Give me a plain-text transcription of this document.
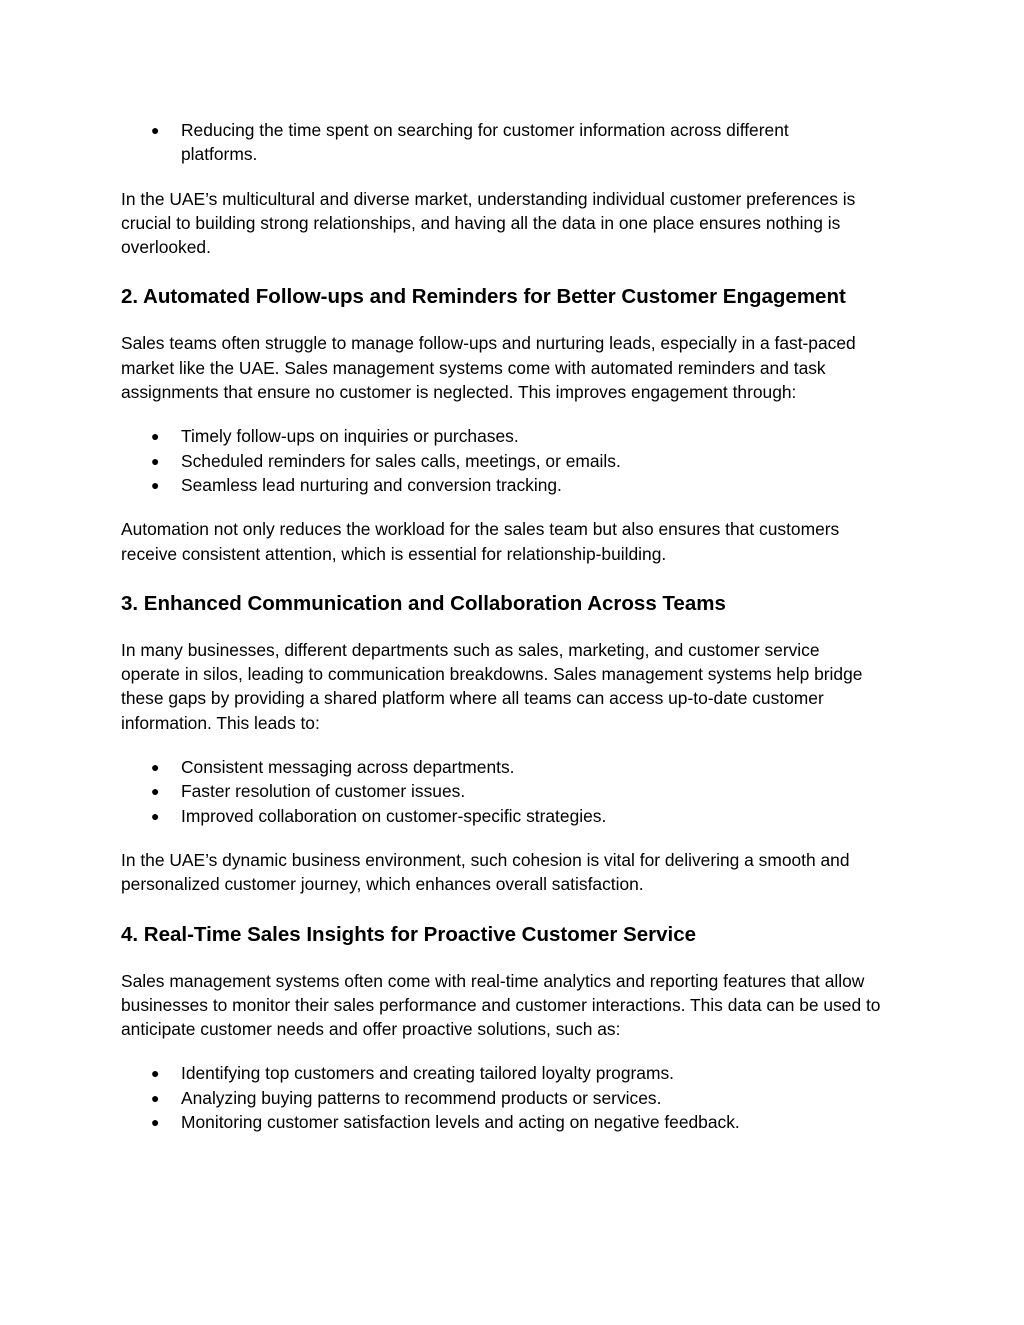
● Reducing the time spent on searching for customer information across different platforms.

In the UAE’s multicultural and diverse market, understanding individual customer preferences is crucial to building strong relationships, and having all the data in one place ensures nothing is overlooked.

2. Automated Follow-ups and Reminders for Better Customer Engagement

Sales teams often struggle to manage follow-ups and nurturing leads, especially in a fast-paced market like the UAE. Sales management systems come with automated reminders and task assignments that ensure no customer is neglected. This improves engagement through:

● Timely follow-ups on inquiries or purchases.
● Scheduled reminders for sales calls, meetings, or emails.
● Seamless lead nurturing and conversion tracking.

Automation not only reduces the workload for the sales team but also ensures that customers receive consistent attention, which is essential for relationship-building.

3. Enhanced Communication and Collaboration Across Teams

In many businesses, different departments such as sales, marketing, and customer service operate in silos, leading to communication breakdowns. Sales management systems help bridge these gaps by providing a shared platform where all teams can access up-to-date customer information. This leads to:

● Consistent messaging across departments.
● Faster resolution of customer issues.
● Improved collaboration on customer-specific strategies.

In the UAE’s dynamic business environment, such cohesion is vital for delivering a smooth and personalized customer journey, which enhances overall satisfaction.

4. Real-Time Sales Insights for Proactive Customer Service

Sales management systems often come with real-time analytics and reporting features that allow businesses to monitor their sales performance and customer interactions. This data can be used to anticipate customer needs and offer proactive solutions, such as:

● Identifying top customers and creating tailored loyalty programs.
● Analyzing buying patterns to recommend products or services.
● Monitoring customer satisfaction levels and acting on negative feedback.
